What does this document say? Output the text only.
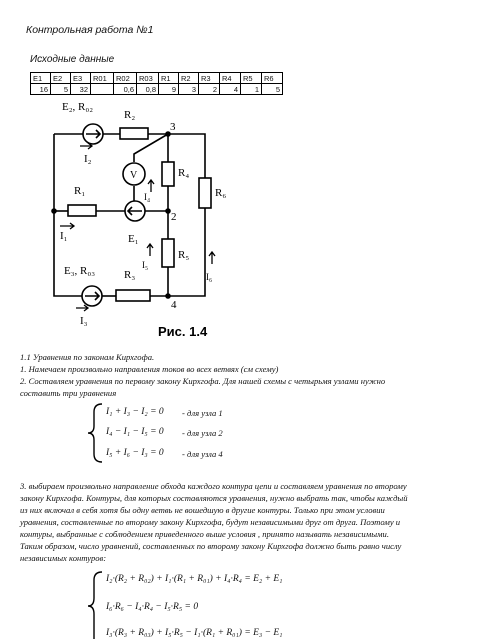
Контрольная работа №1
Исходные данные
E1	E2	E3	R01	R02	R03	R1	R2	R3	R4	R5	R6
16	5	32		0,6	0,8	9	3	2	4	1	5
E₂, R₀₂
R₂
3
V	R₄
R₆
R₁
2
I₄
I₁	E₁
I₂
R₅
I₅
I₆
E₃, R₀₃	R₃
4
I₃
Рис. 1.4
1.1 Уравнения по законам Кирхгофа.
1. Намечаем произвольно направления токов во всех ветвях (см схему)
2. Составляем уравнения по первому закону Кирхгофа. Для нашей схемы с четырьмя узлами нужно
составить три уравнения
I₁ + I₃ − I₂ = 0 - для узла 1
I₄ − I₁ − I₅ = 0 - для узла 2
I₅ + I₆ − I₃ = 0 - для узла 4
3. выбираем произвольно направление обхода каждого контура цепи и составляем уравнения по второму
закону Кирхгофа. Контуры, для которых составляются уравнения, нужно выбрать так, чтобы каждый
из них включал в себя хотя бы одну ветвь не вошедшую в другие контуры. Только при этом условии
уравнения, составленные по второму закону Кирхгофа, будут независимыми друг от друга. Поэтому и
контуры, выбранные с соблюдением приведенного выше условия , принято называть независимыми.
Таким образом, число уравнений, составленных по второму закону Кирхгофа должно быть равно числу
независимых контуров:
I₂·(R₂ + R₀₂) + I₁·(R₁ + R₀₁) + I₄·R₄ = E₂ + E₁
I₆·R₆ − I₄·R₄ − I₅·R₅ = 0
I₃·(R₃ + R₀₃) + I₅·R₅ − I₁·(R₁ + R₀₁) = E₃ − E₁
